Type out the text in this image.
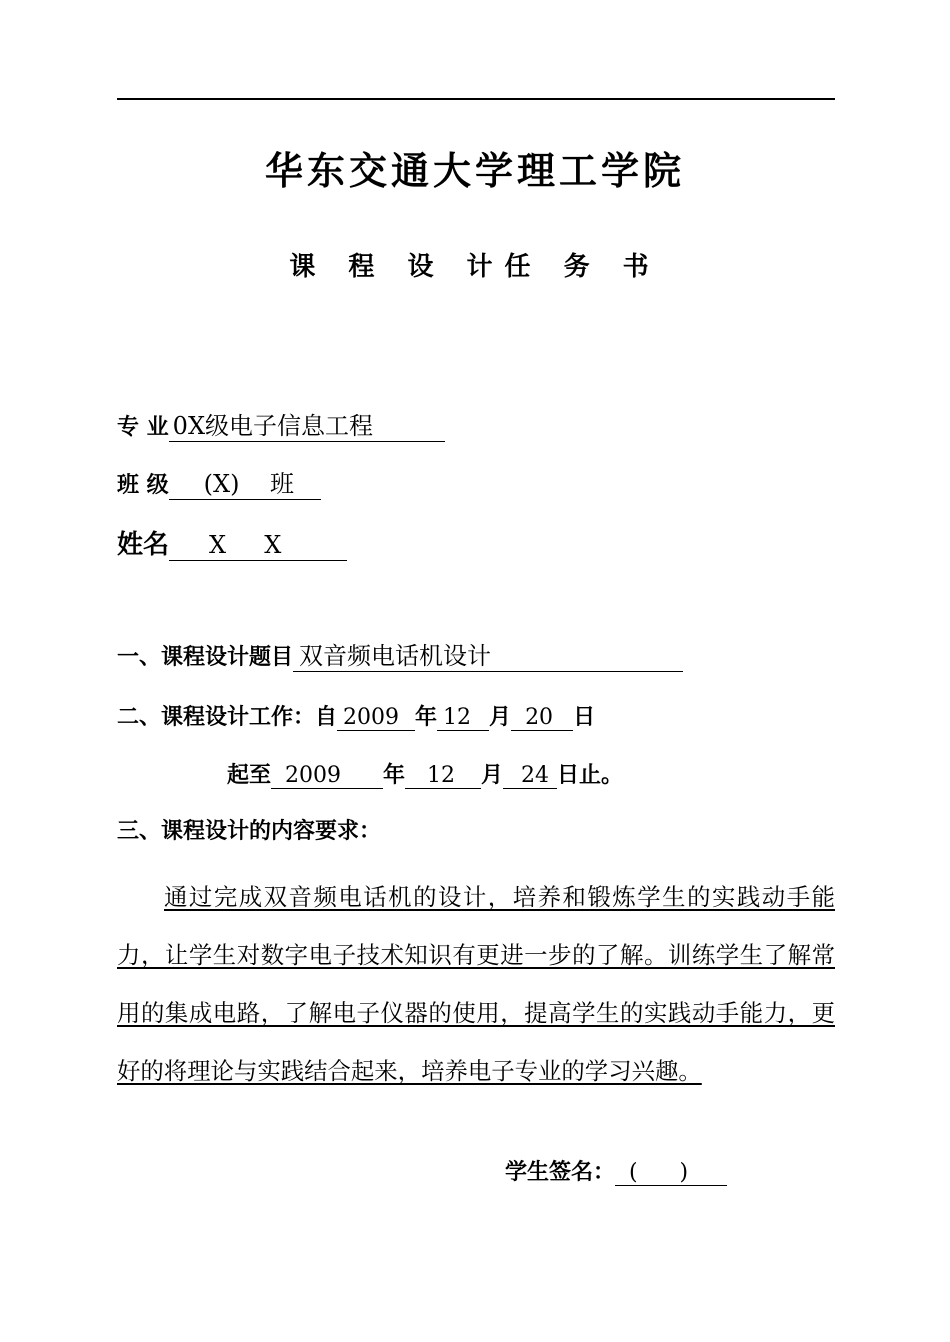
华东交通大学理工学院
课 程 设 计任 务 书
专 业 0X级电子信息工程
班 级 (X)    班
姓名 X     X
一、课程设计题目 双音频电话机设计
二、课程设计工作：自 2009 年 12 月 20 日
起至 2009 年 12 月 24 日止。
三、课程设计的内容要求：
通过完成双音频电话机的设计，培养和锻炼学生的实践动手能力，让学生对数字电子技术知识有更进一步的了解。训练学生了解常用的集成电路，了解电子仪器的使用，提高学生的实践动手能力，更好的将理论与实践结合起来，培养电子专业的学习兴趣。
学生签名： (      )
